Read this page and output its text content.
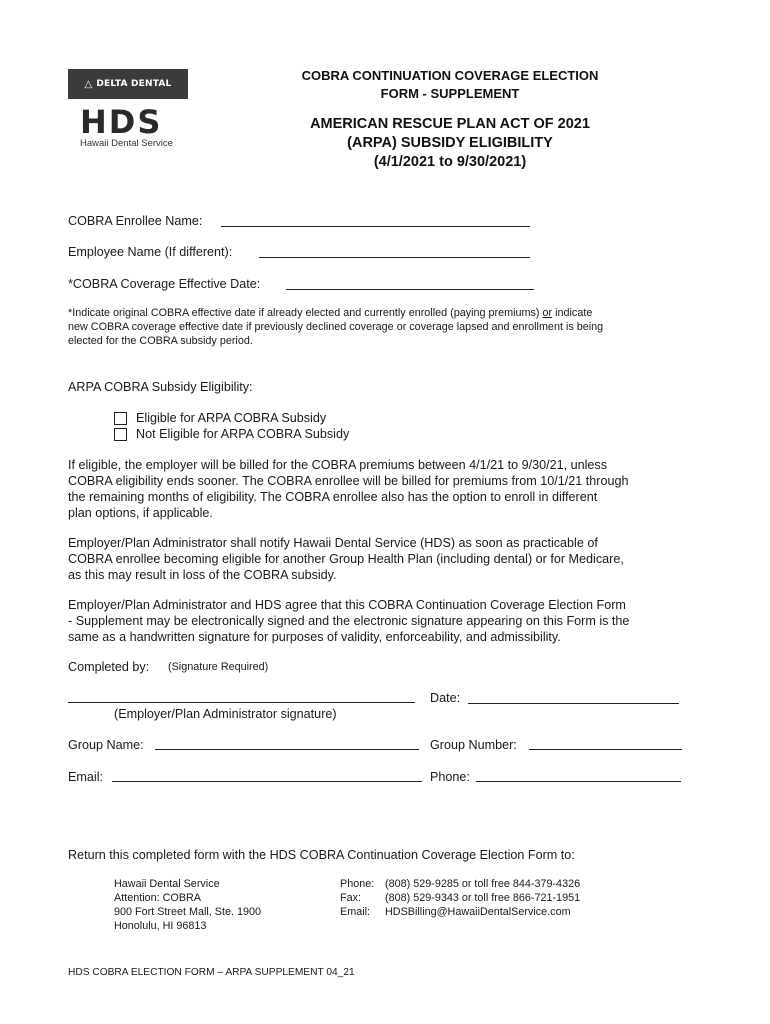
△ DELTA DENTAL
HDS
Hawaii Dental Service
COBRA CONTINUATION COVERAGE ELECTION
FORM - SUPPLEMENT
AMERICAN RESCUE PLAN ACT OF 2021
(ARPA) SUBSIDY ELIGIBILITY
(4/1/2021 to 9/30/2021)
COBRA Enrollee Name:
Employee Name (If different):
*COBRA Coverage Effective Date:
*Indicate original COBRA effective date if already elected and currently enrolled (paying premiums) or indicate
new COBRA coverage effective date if previously declined coverage or coverage lapsed and enrollment is being
elected for the COBRA subsidy period.
ARPA COBRA Subsidy Eligibility:
Eligible for ARPA COBRA Subsidy
Not Eligible for ARPA COBRA Subsidy
If eligible, the employer will be billed for the COBRA premiums between 4/1/21 to 9/30/21, unless
COBRA eligibility ends sooner. The COBRA enrollee will be billed for premiums from 10/1/21 through
the remaining months of eligibility. The COBRA enrollee also has the option to enroll in different
plan options, if applicable.
Employer/Plan Administrator shall notify Hawaii Dental Service (HDS) as soon as practicable of
COBRA enrollee becoming eligible for another Group Health Plan (including dental) or for Medicare,
as this may result in loss of the COBRA subsidy.
Employer/Plan Administrator and HDS agree that this COBRA Continuation Coverage Election Form
- Supplement may be electronically signed and the electronic signature appearing on this Form is the
same as a handwritten signature for purposes of validity, enforceability, and admissibility.
Completed by: (Signature Required)
Date:
(Employer/Plan Administrator signature)
Group Name:	Group Number:
Email:	Phone:
Return this completed form with the HDS COBRA Continuation Coverage Election Form to:
Hawaii Dental Service
Attention: COBRA
900 Fort Street Mall, Ste. 1900
Honolulu, HI 96813
Phone:
Fax:
Email:
(808) 529-9285 or toll free 844-379-4326
(808) 529-9343 or toll free 866-721-1951
HDSBilling@HawaiiDentalService.com
HDS COBRA ELECTION FORM – ARPA SUPPLEMENT 04_21
